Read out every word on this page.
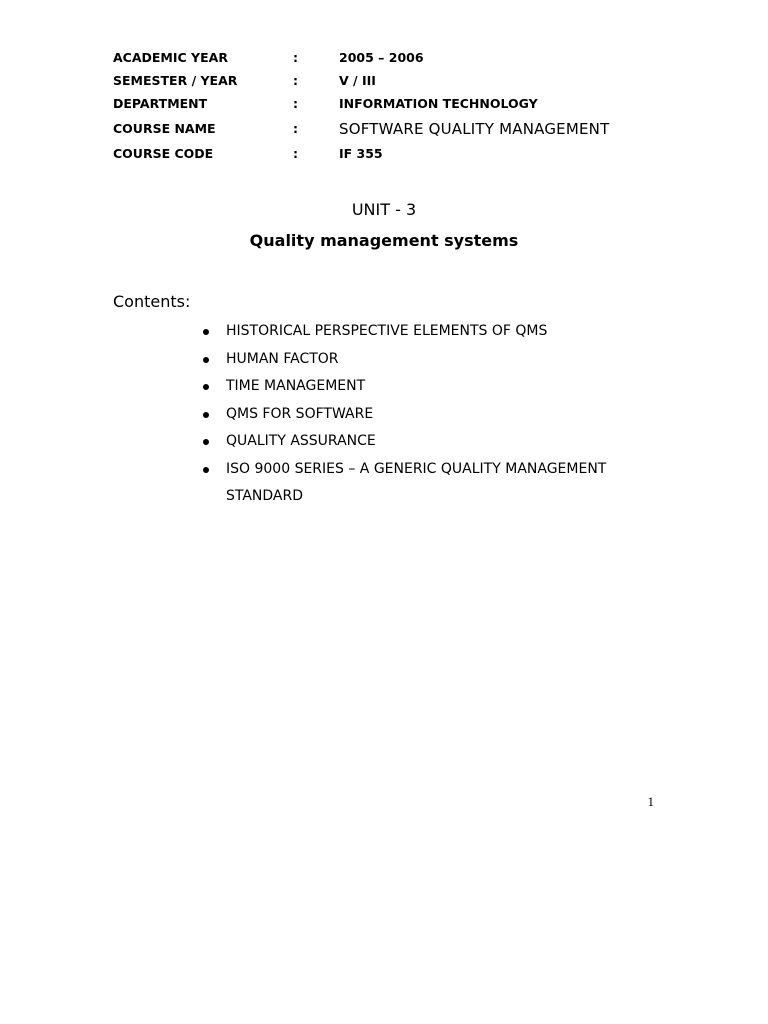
ACADEMIC YEAR	:	2005 – 2006
SEMESTER / YEAR	:	V / III
DEPARTMENT	:	INFORMATION TECHNOLOGY
COURSE NAME	:	SOFTWARE QUALITY MANAGEMENT
COURSE CODE	:	IF 355
UNIT - 3
Quality management systems
Contents:
HISTORICAL PERSPECTIVE ELEMENTS OF QMS
HUMAN FACTOR
TIME MANAGEMENT
QMS FOR SOFTWARE
QUALITY ASSURANCE
ISO 9000 SERIES – A GENERIC QUALITY MANAGEMENT STANDARD
1
